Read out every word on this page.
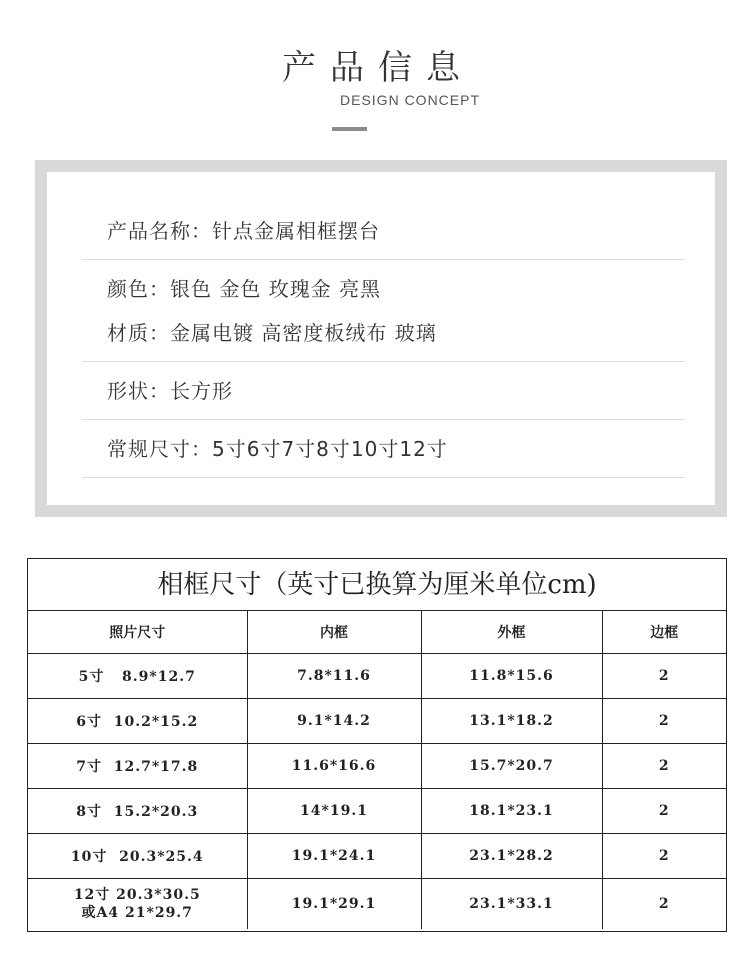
产品信息
DESIGN CONCEPT
产品名称：针点金属相框摆台
颜色：银色 金色 玫瑰金 亮黑
材质：金属电镀 高密度板绒布 玻璃
形状：长方形
常规尺寸：5寸6寸7寸8寸10寸12寸
相框尺寸（英寸已换算为厘米单位cm)
照片尺寸	内框	外框	边框
5寸   8.9*12.7	7.8*11.6	11.8*15.6	2
6寸  10.2*15.2	9.1*14.2	13.1*18.2	2
7寸  12.7*17.8	11.6*16.6	15.7*20.7	2
8寸  15.2*20.3	14*19.1	18.1*23.1	2
10寸  20.3*25.4	19.1*24.1	23.1*28.2	2

12寸 20.3*30.5
或A4 21*29.7	19.1*29.1	23.1*33.1	2
